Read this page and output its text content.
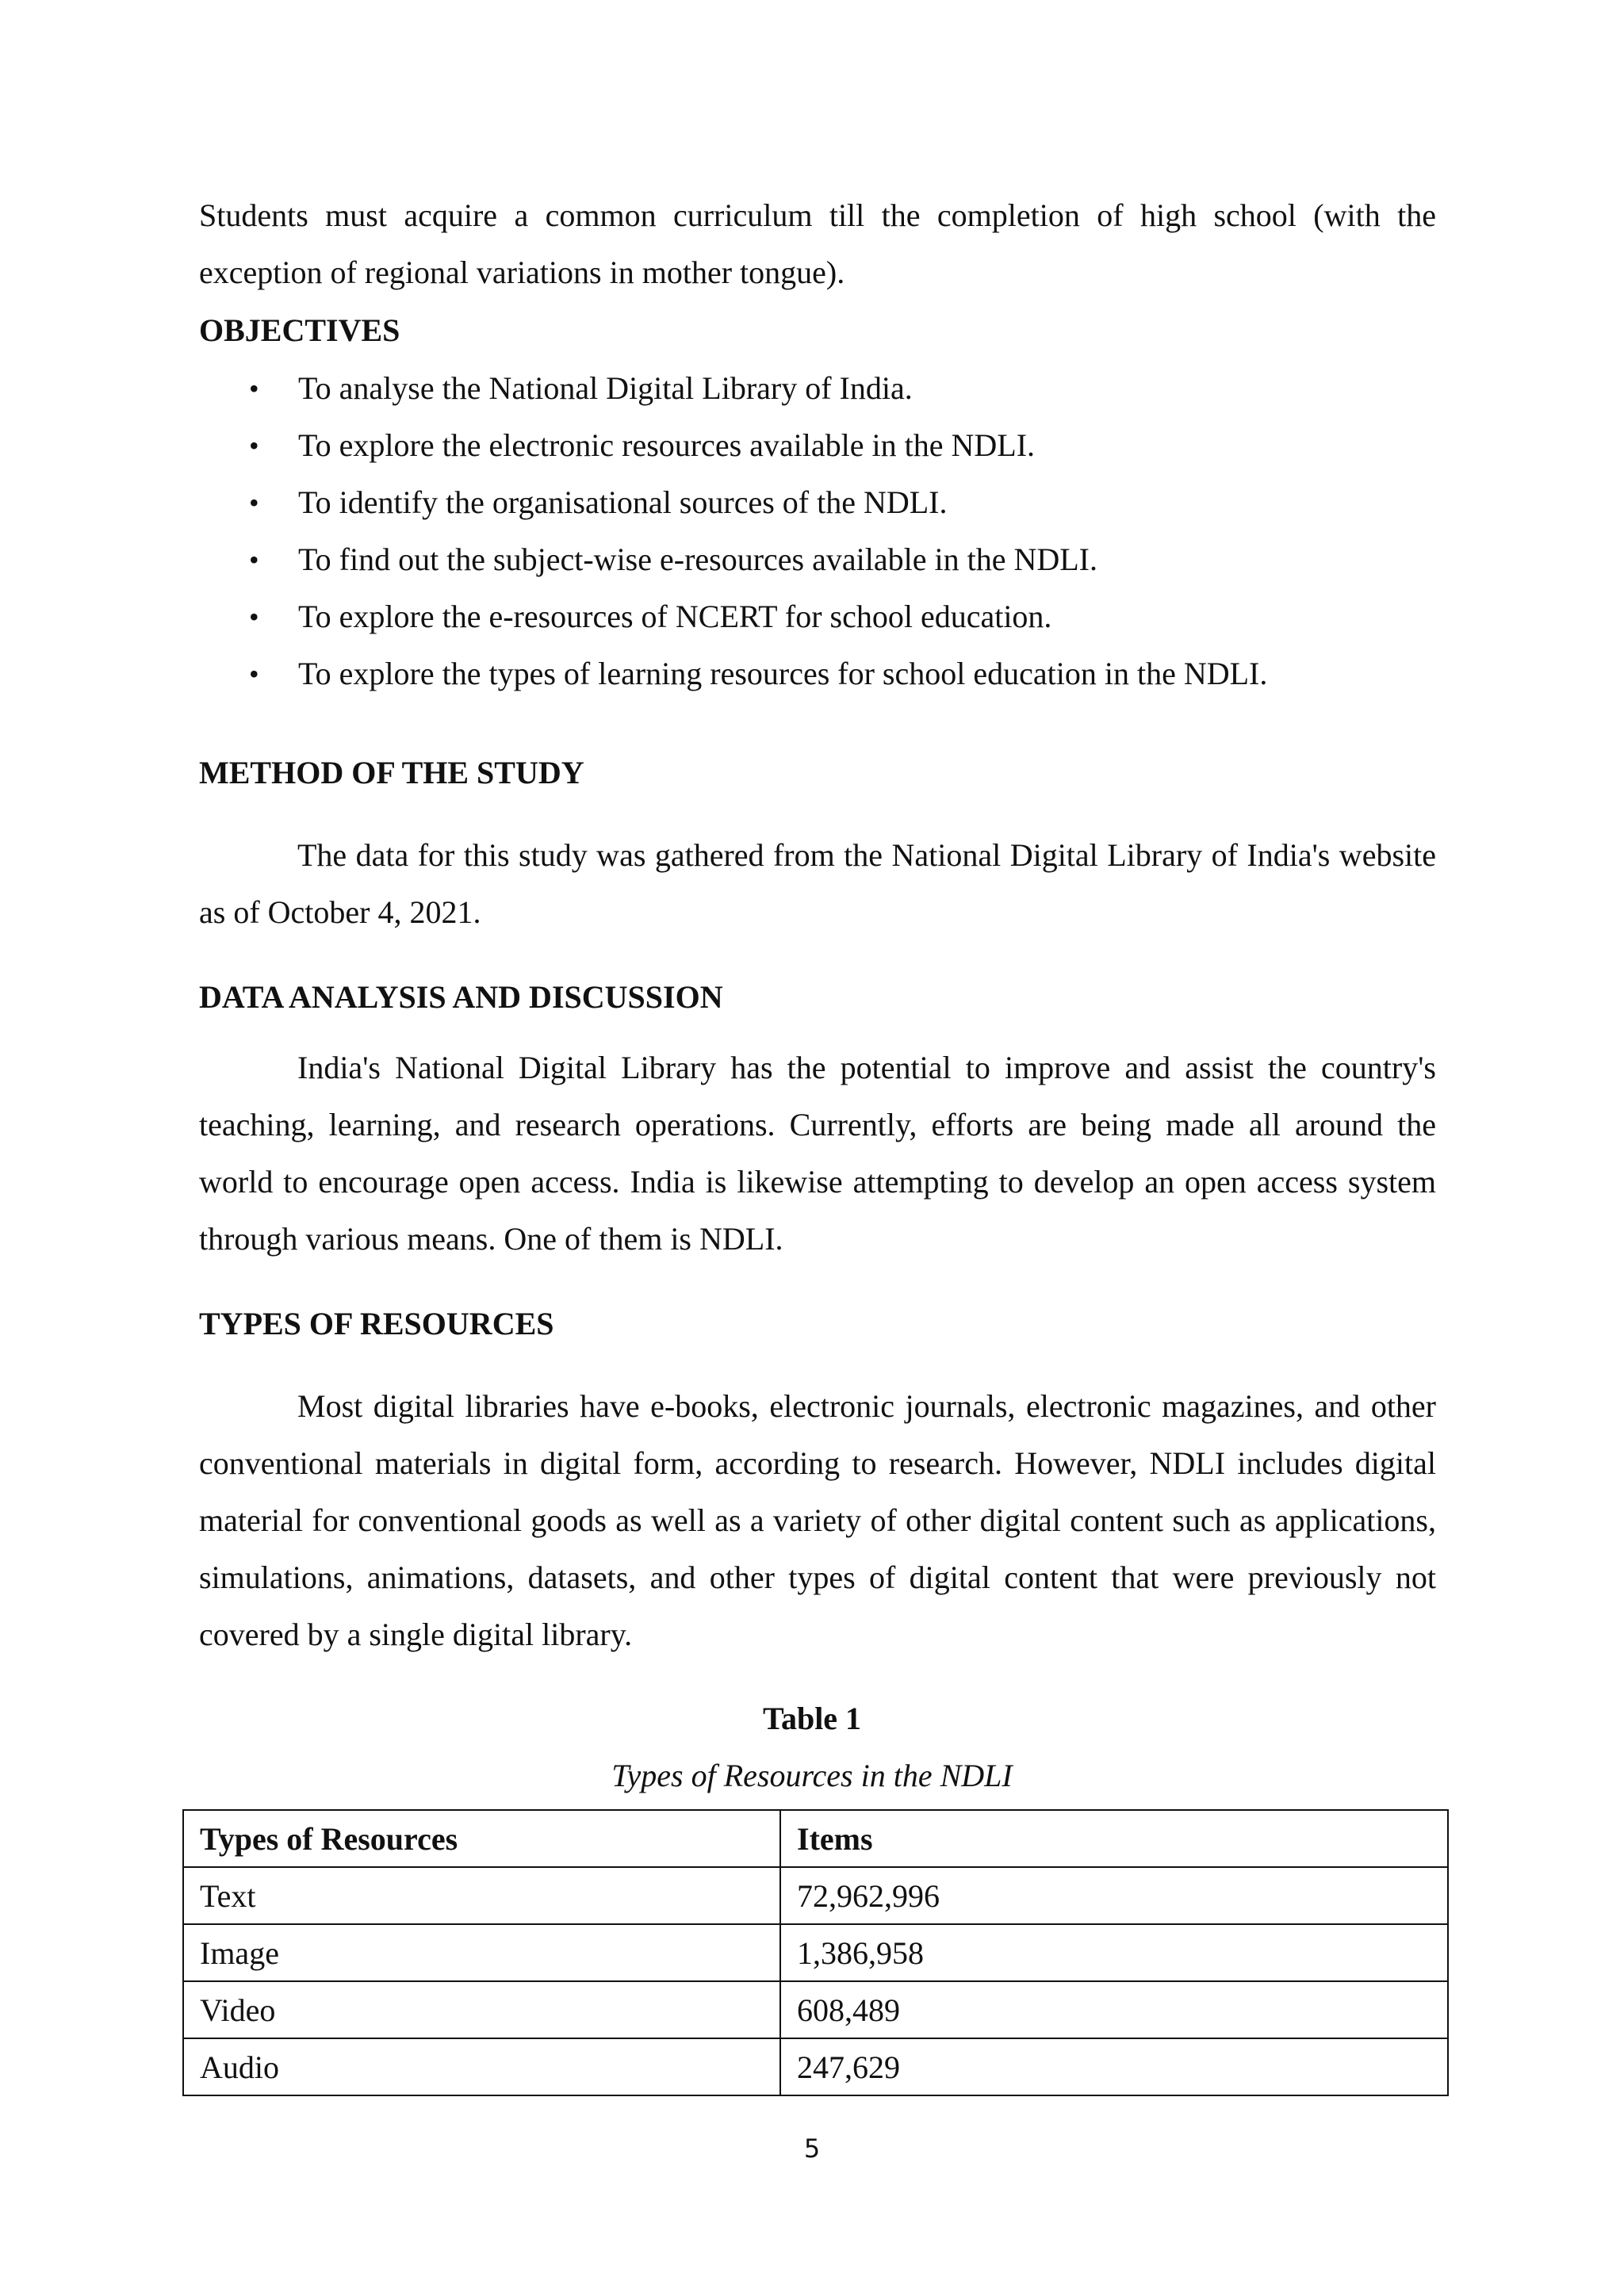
Students must acquire a common curriculum till the completion of high school (with the exception of regional variations in mother tongue).

OBJECTIVES

• To analyse the National Digital Library of India.
• To explore the electronic resources available in the NDLI.
• To identify the organisational sources of the NDLI.
• To find out the subject-wise e-resources available in the NDLI.
• To explore the e-resources of NCERT for school education.
• To explore the types of learning resources for school education in the NDLI.

METHOD OF THE STUDY

The data for this study was gathered from the National Digital Library of India's website as of October 4, 2021.

DATA ANALYSIS AND DISCUSSION

India's National Digital Library has the potential to improve and assist the country's teaching, learning, and research operations. Currently, efforts are being made all around the world to encourage open access. India is likewise attempting to develop an open access system through various means. One of them is NDLI.

TYPES OF RESOURCES

Most digital libraries have e-books, electronic journals, electronic magazines, and other conventional materials in digital form, according to research. However, NDLI includes digital material for conventional goods as well as a variety of other digital content such as applications, simulations, animations, datasets, and other types of digital content that were previously not covered by a single digital library.

Table 1
Types of Resources in the NDLI
Types of Resources	Items
Text	72,962,996
Image	1,386,958
Video	608,489
Audio	247,629
5
